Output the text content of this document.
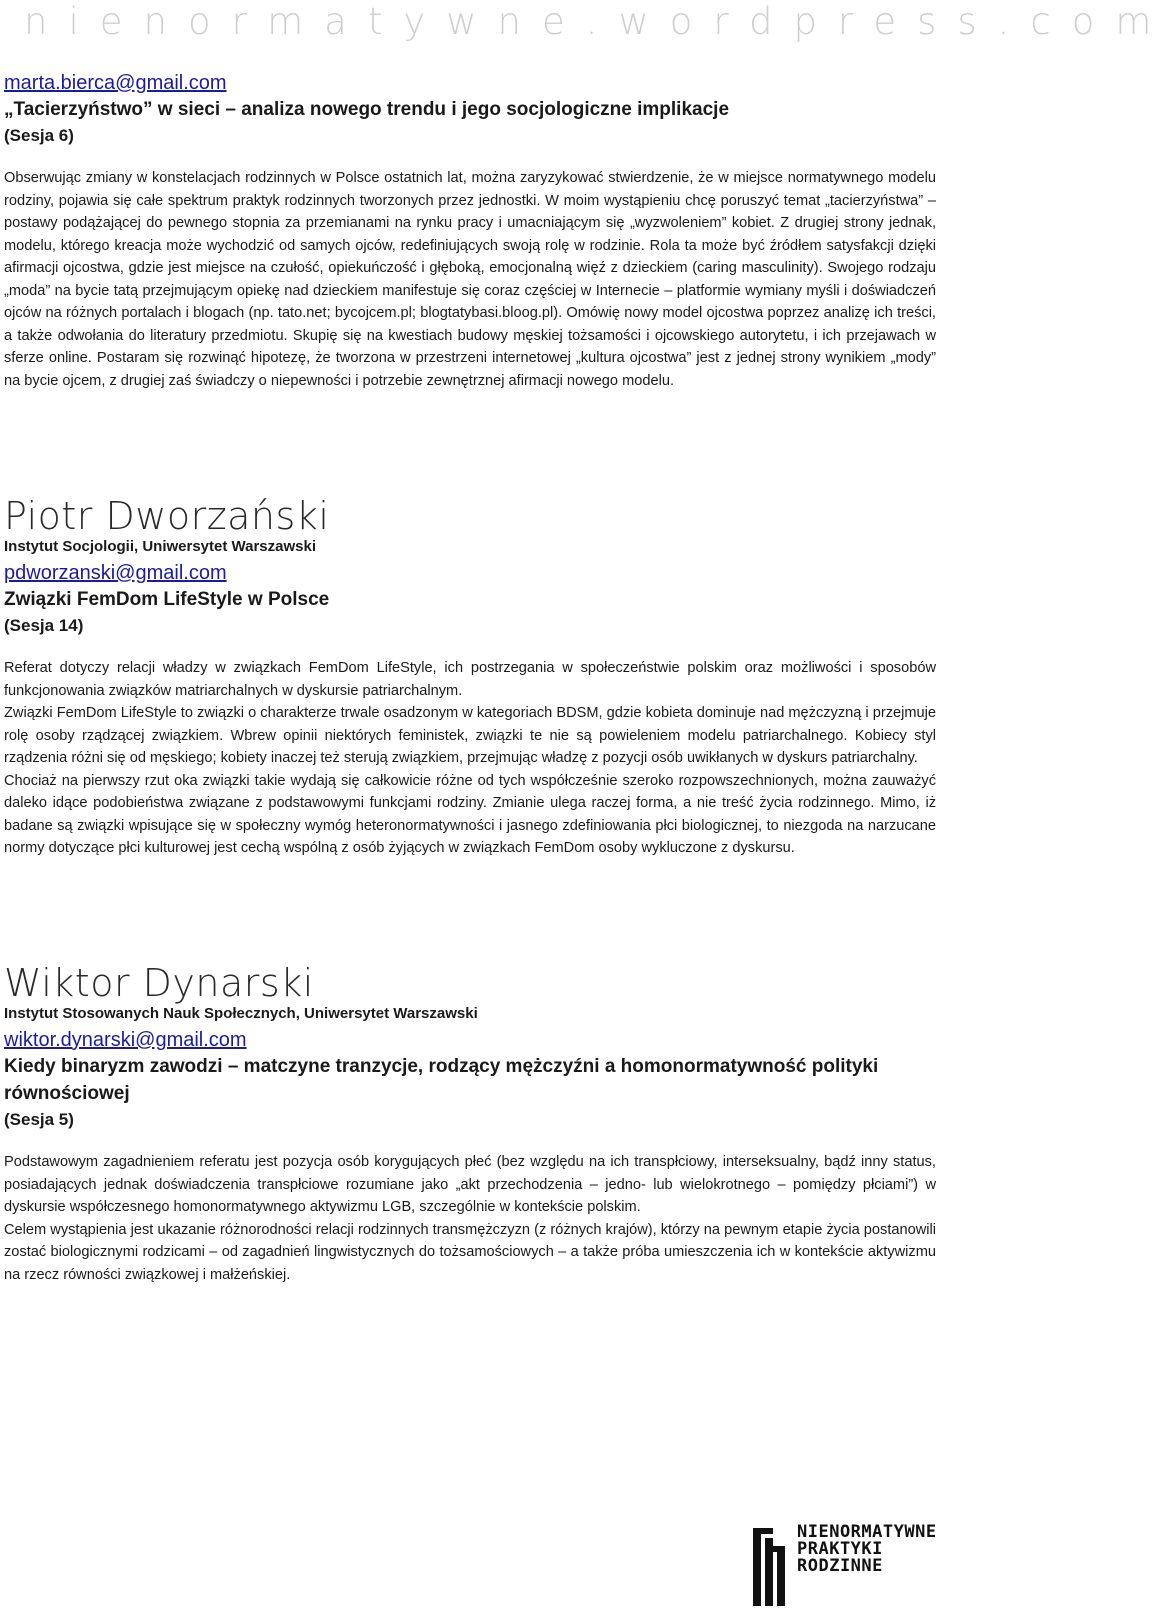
nienormatywne.wordpress.com
marta.bierca@gmail.com
„Tacierzyństwo” w sieci – analiza nowego trendu i jego socjologiczne implikacje
(Sesja 6)

Obserwując zmiany w konstelacjach rodzinnych w Polsce ostatnich lat, można zaryzykować stwierdzenie, że w miejsce normatywnego modelu rodziny, pojawia się całe spektrum praktyk rodzinnych tworzonych przez jednostki. W moim wystąpieniu chcę poruszyć temat „tacierzyństwa” – postawy podążającej do pewnego stopnia za przemianami na rynku pracy i umacniającym się „wyzwoleniem” kobiet. Z drugiej strony jednak, modelu, którego kreacja może wychodzić od samych ojców, redefiniujących swoją rolę w rodzinie. Rola ta może być źródłem satysfakcji dzięki afirmacji ojcostwa, gdzie jest miejsce na czułość, opiekuńczość i głęboką, emocjonalną więź z dzieckiem (caring masculinity). Swojego rodzaju „moda” na bycie tatą przejmującym opiekę nad dzieckiem manifestuje się coraz częściej w Internecie – platformie wymiany myśli i doświadczeń ojców na różnych portalach i blogach (np. tato.net; bycojcem.pl; blogtatybasi.bloog.pl). Omówię nowy model ojcostwa poprzez analizę ich treści, a także odwołania do literatury przedmiotu. Skupię się na kwestiach budowy męskiej tożsamości i ojcowskiego autorytetu, i ich przejawach w sferze online. Postaram się rozwinąć hipotezę, że tworzona w przestrzeni internetowej „kultura ojcostwa” jest z jednej strony wynikiem „mody” na bycie ojcem, z drugiej zaś świadczy o niepewności i potrzebie zewnętrznej afirmacji nowego modelu.

Piotr Dworzański
Instytut Socjologii, Uniwersytet Warszawski
pdworzanski@gmail.com
Związki FemDom LifeStyle w Polsce
(Sesja 14)

Referat dotyczy relacji władzy w związkach FemDom LifeStyle, ich postrzegania w społeczeństwie polskim oraz możliwości i sposobów funkcjonowania związków matriarchalnych w dyskursie patriarchalnym.

Związki FemDom LifeStyle to związki o charakterze trwale osadzonym w kategoriach BDSM, gdzie kobieta dominuje nad mężczyzną i przejmuje rolę osoby rządzącej związkiem. Wbrew opinii niektórych feministek, związki te nie są powieleniem modelu patriarchalnego. Kobiecy styl rządzenia różni się od męskiego; kobiety inaczej też sterują związkiem, przejmując władzę z pozycji osób uwikłanych w dyskurs patriarchalny.

Chociaż na pierwszy rzut oka związki takie wydają się całkowicie różne od tych współcześnie szeroko rozpowszechnionych, można zauważyć daleko idące podobieństwa związane z podstawowymi funkcjami rodziny. Zmianie ulega raczej forma, a nie treść życia rodzinnego. Mimo, iż badane są związki wpisujące się w społeczny wymóg heteronormatywności i jasnego zdefiniowania płci biologicznej, to niezgoda na narzucane normy dotyczące płci kulturowej jest cechą wspólną z osób żyjących w związkach FemDom osoby wykluczone z dyskursu.

Wiktor Dynarski
Instytut Stosowanych Nauk Społecznych, Uniwersytet Warszawski
wiktor.dynarski@gmail.com
Kiedy binaryzm zawodzi – matczyne tranzycje, rodzący mężczyźni a homonormatywność polityki równościowej
(Sesja 5)

Podstawowym zagadnieniem referatu jest pozycja osób korygujących płeć (bez względu na ich transpłciowy, interseksualny, bądź inny status, posiadających jednak doświadczenia transpłciowe rozumiane jako „akt przechodzenia – jedno- lub wielokrotnego – pomiędzy płciami”) w dyskursie współczesnego homonormatywnego aktywizmu LGB, szczególnie w kontekście polskim.

Celem wystąpienia jest ukazanie różnorodności relacji rodzinnych transmężczyzn (z różnych krajów), którzy na pewnym etapie życia postanowili zostać biologicznymi rodzicami – od zagadnień lingwistycznych do tożsamościowych – a także próba umieszczenia ich w kontekście aktywizmu na rzecz równości związkowej i małżeńskiej.

NIENORMATYWNE
PRAKTYKI
RODZINNE
